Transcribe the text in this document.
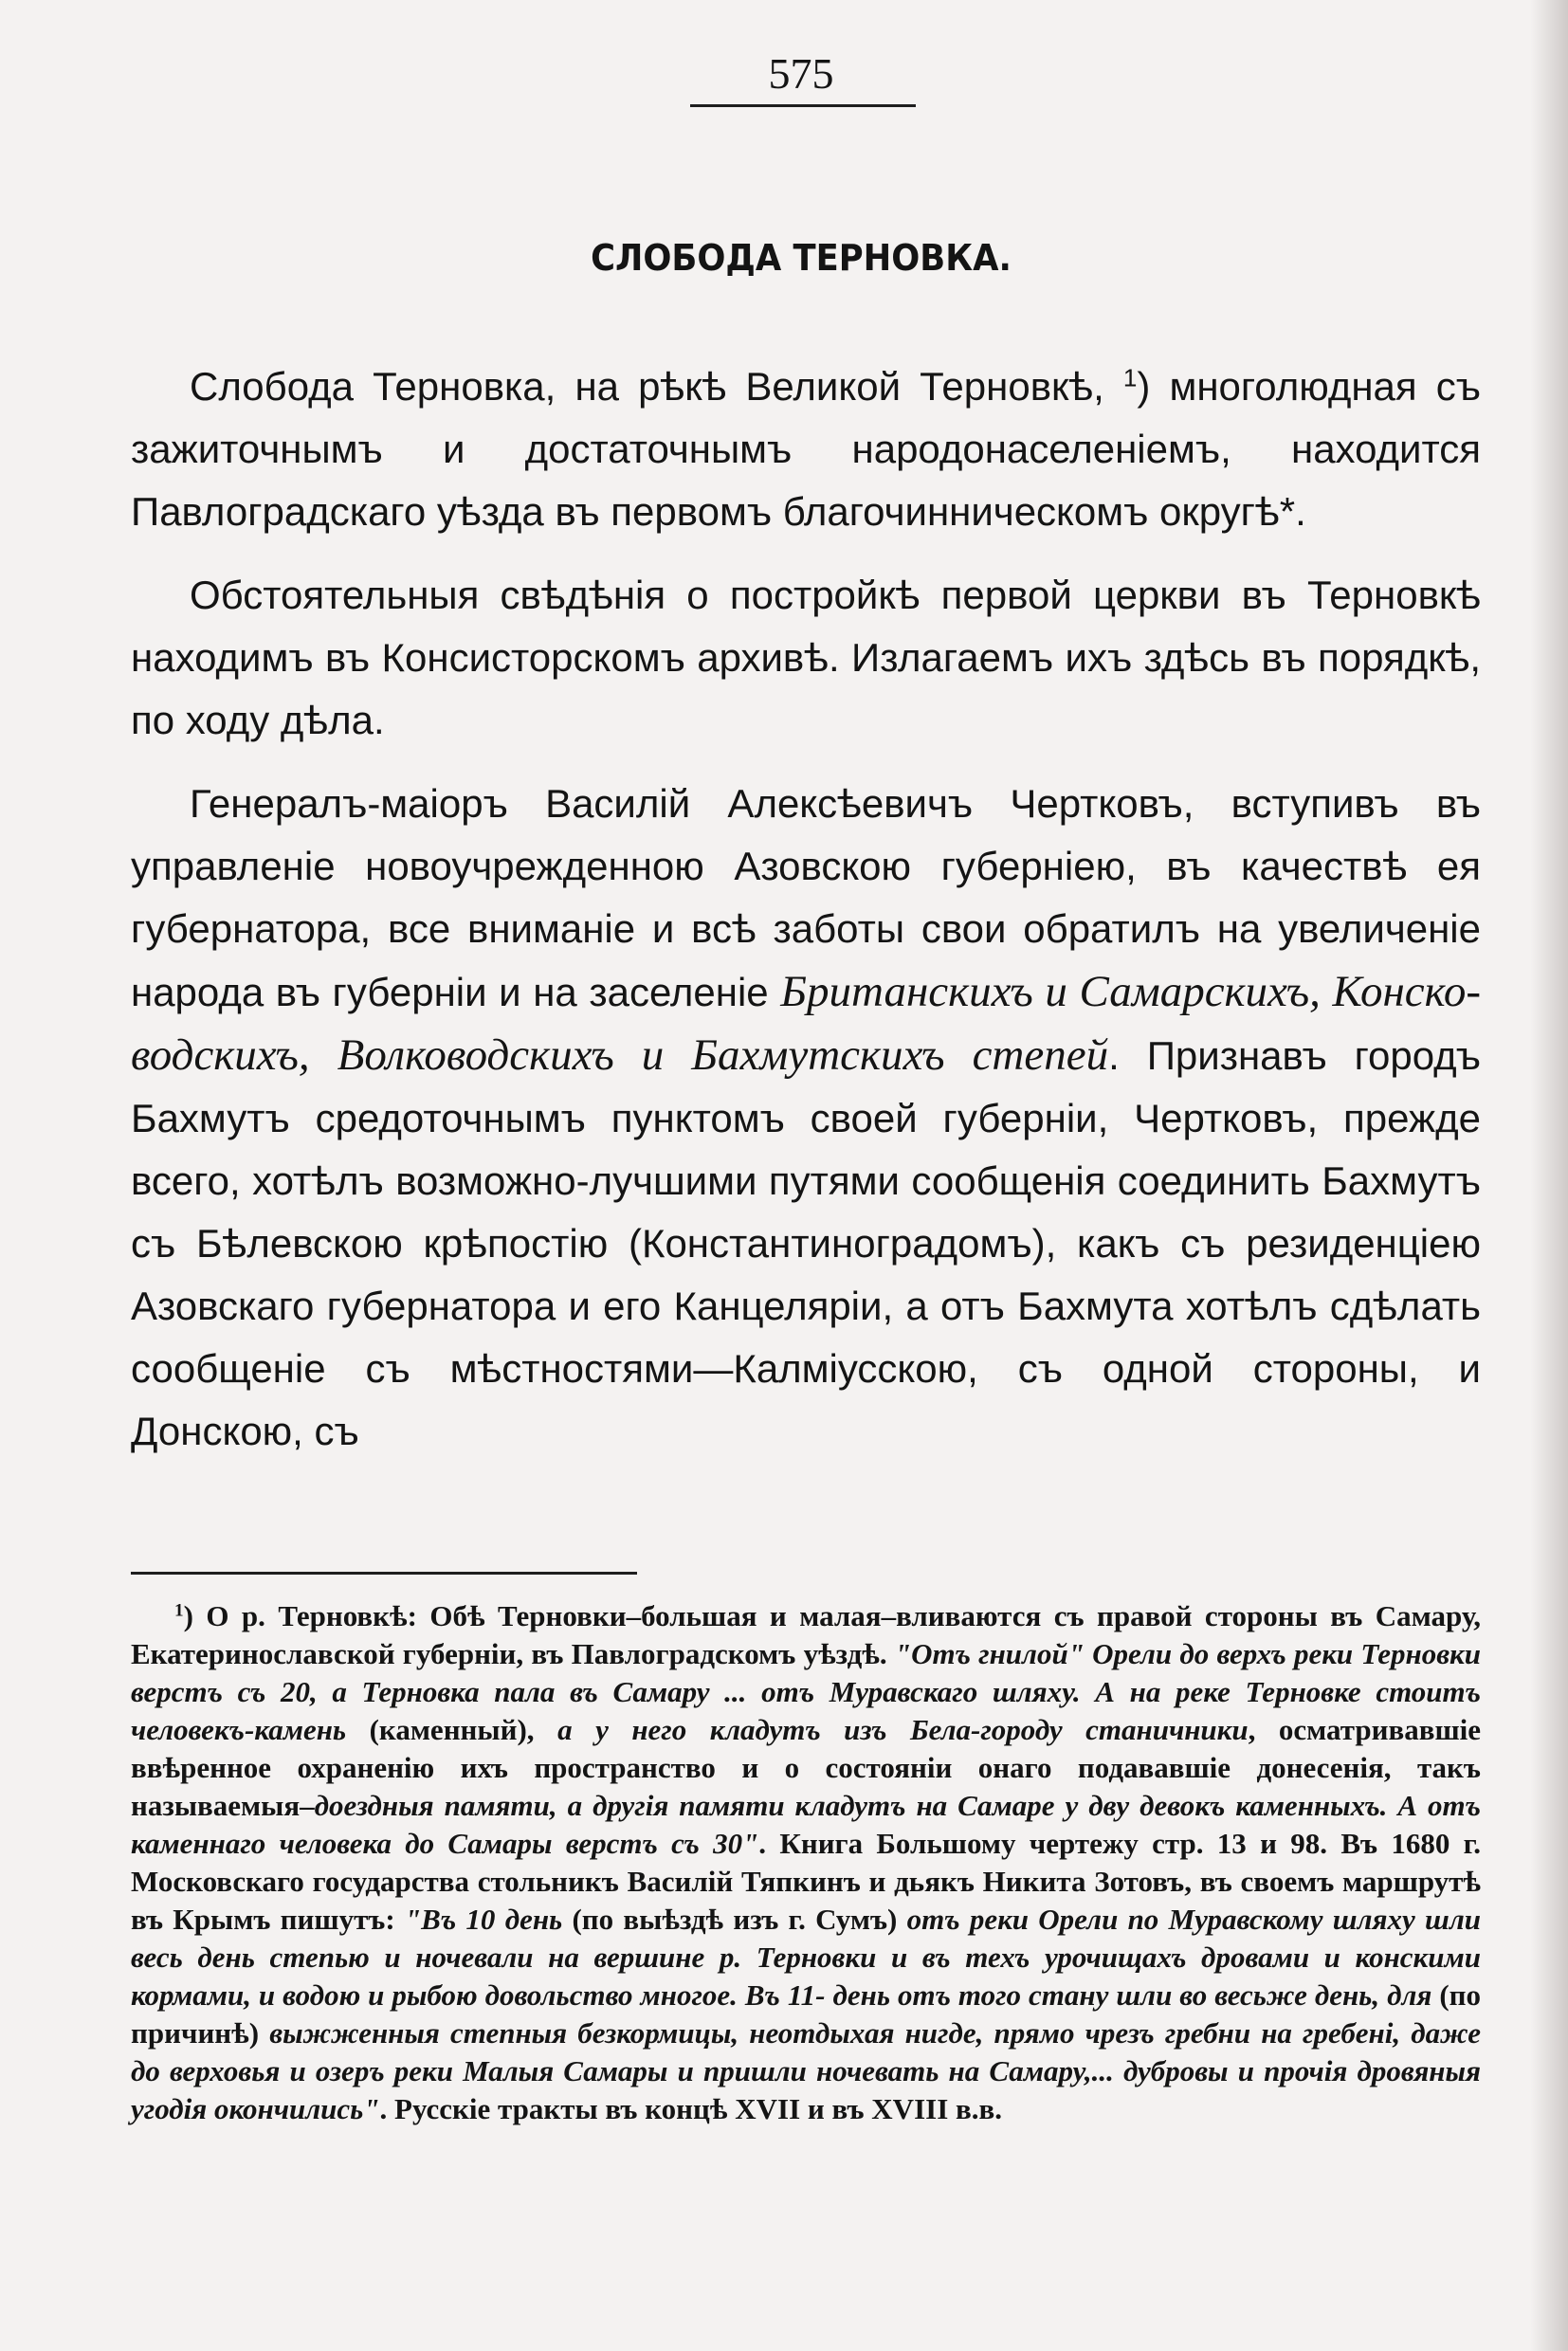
575
СЛОБОДА ТЕРНОВКА.

Слобода Терновка, на рѣкѣ Великой Терновкѣ, $^1$) многолюдная съ зажиточнымъ и достаточнымъ народонаселеніемъ, находится Павлоградскаго уѣзда въ первомъ благочинническомъ округѣ*.

Обстоятельныя свѣдѣнія о постройкѣ первой церкви въ Терновкѣ находимъ въ Консисторскомъ архивѣ. Излагаемъ ихъ здѣсь въ порядкѣ, по ходу дѣла.

Генералъ-маіоръ Василій Алексѣевичъ Чертковъ, вступивъ въ управленіе новоучрежденною Азовскою губерніею, въ качествѣ ея губернатора, все вниманіе и всѣ заботы свои обратилъ на увеличеніе народа въ губерніи и на заселеніе Британскихъ и Самарскихъ, Консководскихъ, Волководскихъ и Бахмутскихъ степей. Признавъ городъ Бахмутъ средоточнымъ пунктомъ своей губерніи, Чертковъ, прежде всего, хотѣлъ возможно-лучшими путями сообщенія соединить Бахмутъ съ Бѣлевскою крѣпостію (Константиноградомъ), какъ съ резиденціею Азовскаго губернатора и его Канцеляріи, а отъ Бахмута хотѣлъ сдѣлать сообщеніе съ мѣстностями—Калміусскою, съ одной стороны, и Донскою, съ

$^1$) О р. Терновкѣ: Обѣ Терновки–большая и малая–вливаются съ правой стороны въ Самару, Екатеринославской губерніи, въ Павлоградскомъ уѣздѣ. "Отъ гнилой" Орели до верхъ реки Терновки верстъ съ 20, а Терновка пала въ Самару ... отъ Муравскаго шляху. А на реке Терновке стоитъ человекъ-камень (каменный), а у него кладутъ изъ Бела-городу станичники, осматривавшіе ввѣренное охраненію ихъ пространство и о состояніи онаго подававшіе донесенія, такъ называемыя–доездныя памяти, а другія памяти кладутъ на Самаре у дву девокъ каменныхъ. А отъ каменнаго человека до Самары верстъ съ 30". Книга Большому чертежу стр. 13 и 98. Въ 1680 г. Московскаго государства стольникъ Василій Тяпкинъ и дьякъ Никита Зотовъ, въ своемъ маршрутѣ въ Крымъ пишутъ: "Въ 10 день (по выѣздѣ изъ г. Сумъ) отъ реки Орели по Муравскому шляху шли весь день степью и ночевали на вершине р. Терновки и въ техъ урочищахъ дровами и конскими кормами, и водою и рыбою довольство многое. Въ 11- день отъ того стану шли во весьже день, для (по причинѣ) выжженныя степныя безкормицы, неотдыхая нигде, прямо чрезъ гребни на гребені, даже до верховья и озеръ реки Малыя Самары и пришли ночевать на Самару,... дубровы и прочія дровяныя угодія окончились". Русскіе тракты въ концѣ XVII и въ XVIII в.в.
